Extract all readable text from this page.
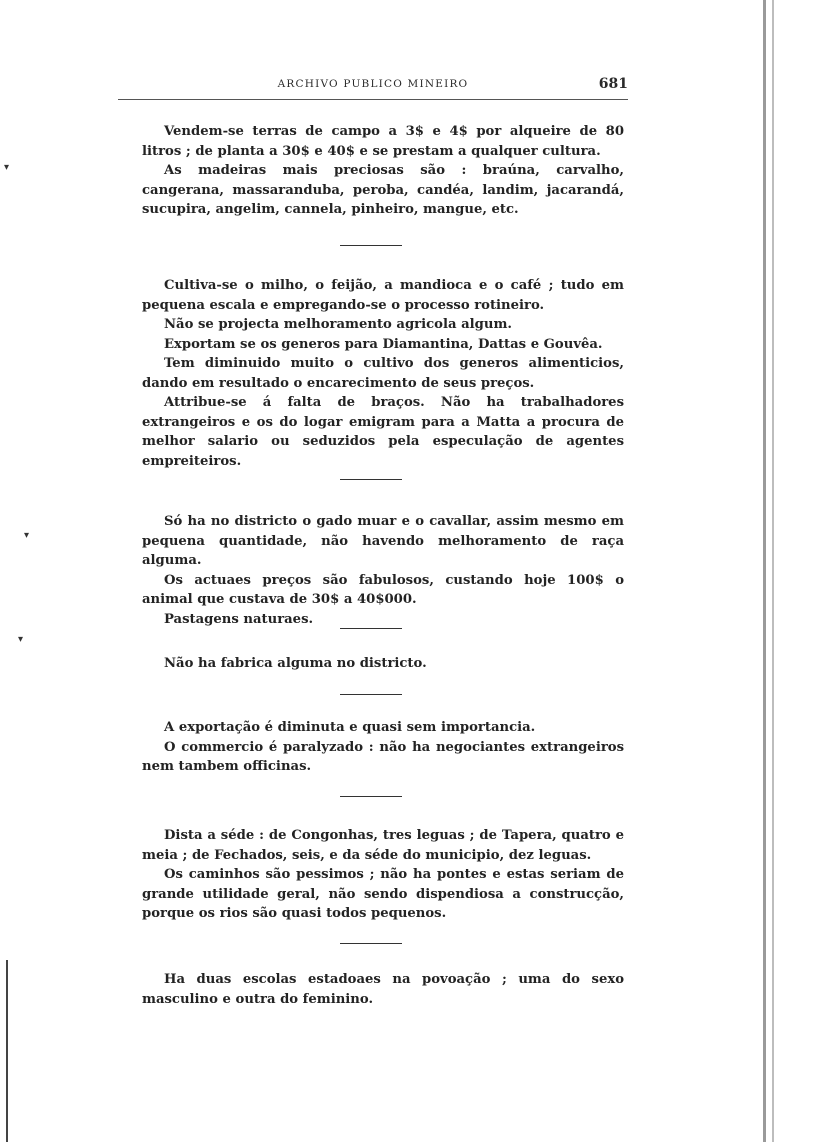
ARCHIVO PUBLICO MINEIRO	681

Vendem-se terras de campo a 3$ e 4$ por alqueire de 80 litros ; de planta a 30$ e 40$ e se prestam a qualquer cultura.

As madeiras mais preciosas são : braúna, carvalho, cangerana, massaranduba, peroba, candéa, landim, jacarandá, sucupira, angelim, cannela, pinheiro, mangue, etc.

Cultiva-se o milho, o feijão, a mandioca e o café ; tudo em pequena escala e empregando-se o processo rotineiro.

Não se projecta melhoramento agricola algum.

Exportam se os generos para Diamantina, Dattas e Gouvêa.

Tem diminuido muito o cultivo dos generos alimenticios, dando em resultado o encarecimento de seus preços.

Attribue-se á falta de braços. Não ha trabalhadores extrangeiros e os do logar emigram para a Matta a procura de melhor salario ou seduzidos pela especulação de agentes empreiteiros.

Só ha no districto o gado muar e o cavallar, assim mesmo em pequena quantidade, não havendo melhoramento de raça alguma.

Os actuaes preços são fabulosos, custando hoje 100$ o animal que custava de 30$ a 40$000.

Pastagens naturaes.

Não ha fabrica alguma no districto.

A exportação é diminuta e quasi sem importancia.

O commercio é paralyzado : não ha negociantes extrangeiros nem tambem officinas.

Dista a séde : de Congonhas, tres leguas ; de Tapera, quatro e meia ; de Fechados, seis, e da séde do municipio, dez leguas.

Os caminhos são pessimos ; não ha pontes e estas seriam de grande utilidade geral, não sendo dispendiosa a construcção, porque os rios são quasi todos pequenos.

Ha duas escolas estadoaes na povoação ; uma do sexo masculino e outra do feminino.

▾
▾
▾
